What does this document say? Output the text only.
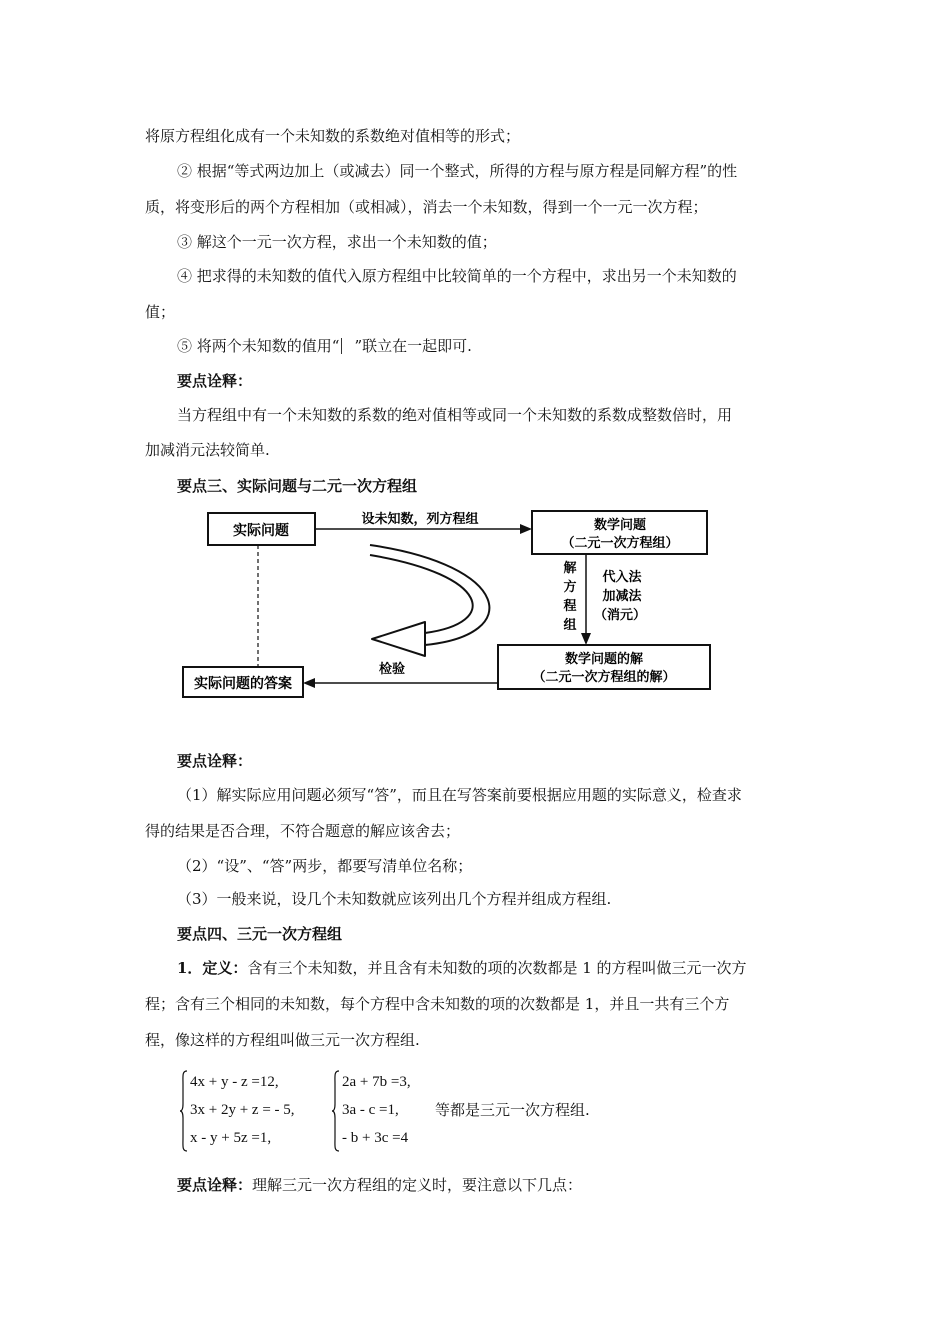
将原方程组化成有一个未知数的系数绝对值相等的形式；
② 根据“等式两边加上（或减去）同一个整式，所得的方程与原方程是同解方程”的性
质，将变形后的两个方程相加（或相减），消去一个未知数，得到一个一元一次方程；
③ 解这个一元一次方程，求出一个未知数的值；
④ 把求得的未知数的值代入原方程组中比较简单的一个方程中，求出另一个未知数的
值；
⑤ 将两个未知数的值用“ ”联立在一起即可.
要点诠释：
当方程组中有一个未知数的系数的绝对值相等或同一个未知数的系数成整数倍时，用
加减消元法较简单.
要点三、实际问题与二元一次方程组
实际问题
设未知数，列方程组	数学问题
（二元一次方程组）
解
方
程
组
代入法
加减法
（消元）
数学问题的解
（二元一次方程组的解）
检验
实际问题的答案
要点诠释：
（1）解实际应用问题必须写“答”，而且在写答案前要根据应用题的实际意义，检查求
得的结果是否合理，不符合题意的解应该舍去；
（2）“设”、“答”两步，都要写清单位名称；
（3）一般来说，设几个未知数就应该列出几个方程并组成方程组.
要点四、三元一次方程组
1．定义：含有三个未知数，并且含有未知数的项的次数都是 1 的方程叫做三元一次方
程；含有三个相同的未知数，每个方程中含未知数的项的次数都是 1，并且一共有三个方
程，像这样的方程组叫做三元一次方程组.
4x + y - z =12,
3x + 2y + z = - 5,
x - y + 5z =1,
2a + 7b =3,
3a - c =1,
- b + 3c =4
等都是三元一次方程组.
要点诠释：理解三元一次方程组的定义时，要注意以下几点：
